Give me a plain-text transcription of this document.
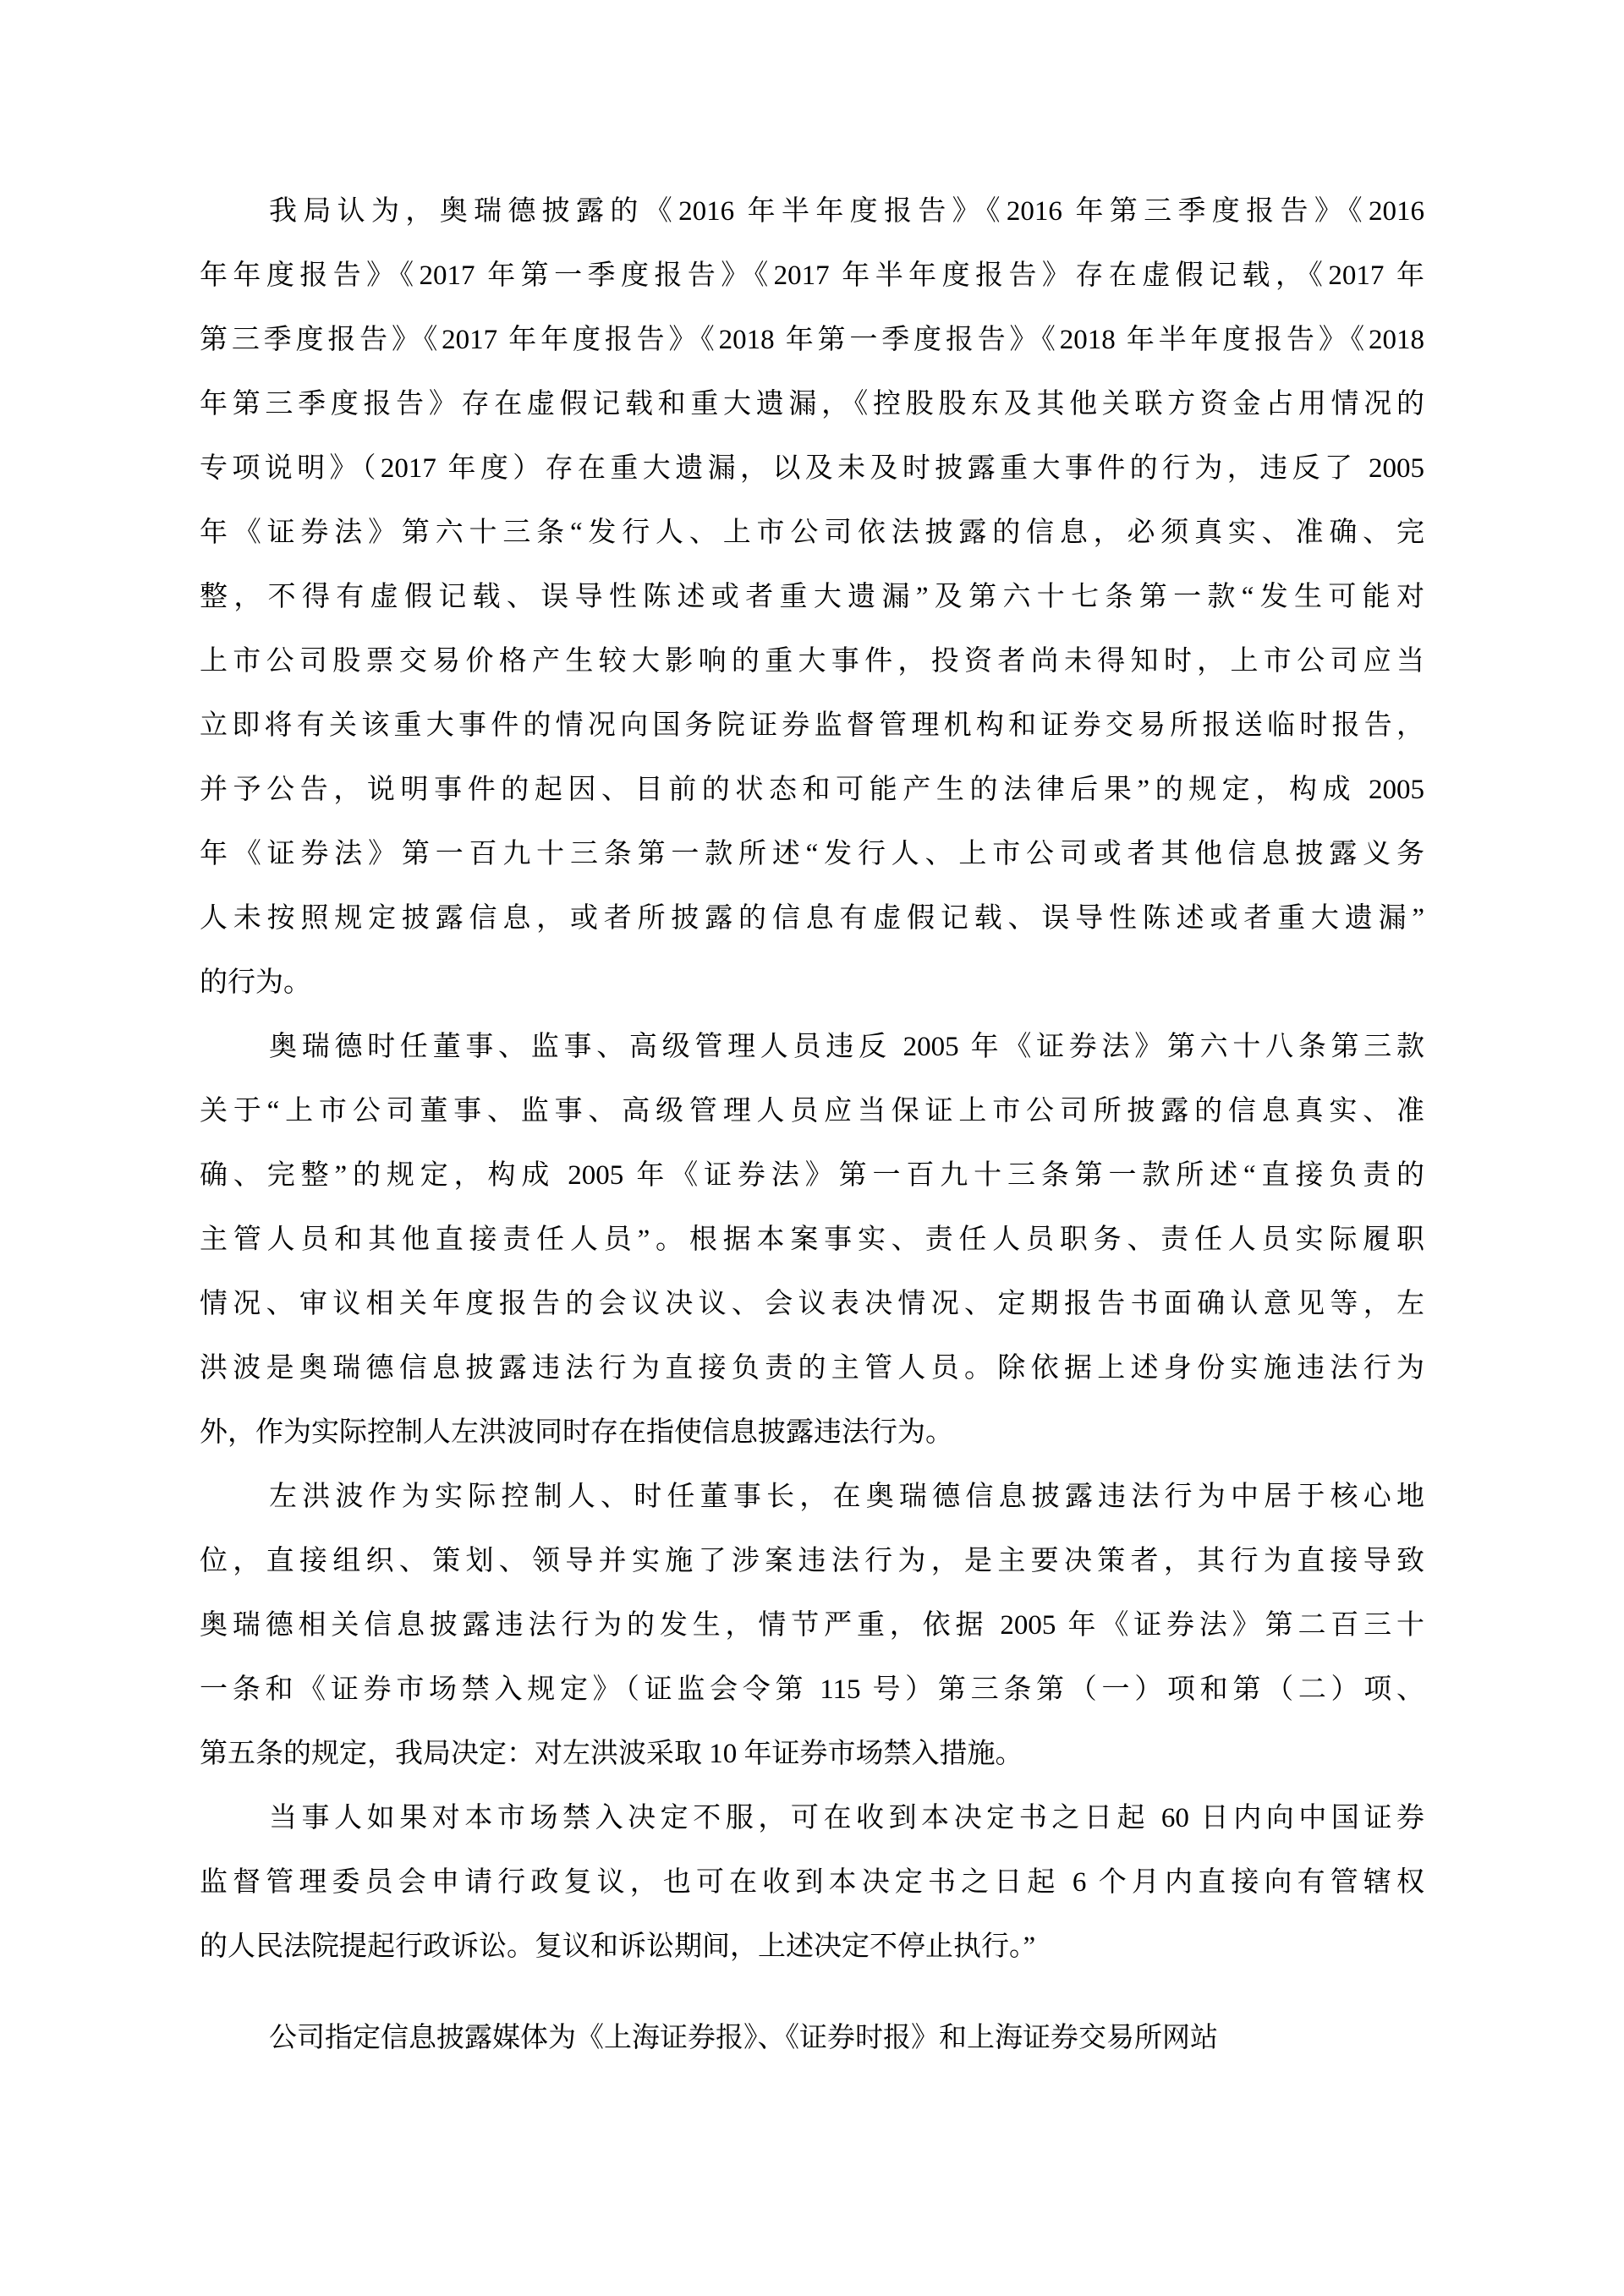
我局认为，奥瑞德披露的《2016 年半年度报告》《2016 年第三季度报告》《2016
年年度报告》《2017 年第一季度报告》《2017 年半年度报告》存在虚假记载，《2017 年
第三季度报告》《2017 年年度报告》《2018 年第一季度报告》《2018 年半年度报告》《2018
年第三季度报告》存在虚假记载和重大遗漏，《控股股东及其他关联方资金占用情况的
专项说明》（2017 年度）存在重大遗漏，以及未及时披露重大事件的行为，违反了 2005
年《证券法》第六十三条“发行人、上市公司依法披露的信息，必须真实、准确、完
整，不得有虚假记载、误导性陈述或者重大遗漏”及第六十七条第一款“发生可能对
上市公司股票交易价格产生较大影响的重大事件，投资者尚未得知时，上市公司应当
立即将有关该重大事件的情况向国务院证券监督管理机构和证券交易所报送临时报告，
并予公告，说明事件的起因、目前的状态和可能产生的法律后果”的规定，构成 2005
年《证券法》第一百九十三条第一款所述“发行人、上市公司或者其他信息披露义务
人未按照规定披露信息，或者所披露的信息有虚假记载、误导性陈述或者重大遗漏”
的行为。
奥瑞德时任董事、监事、高级管理人员违反 2005 年《证券法》第六十八条第三款
关于“上市公司董事、监事、高级管理人员应当保证上市公司所披露的信息真实、准
确、完整”的规定，构成 2005 年《证券法》第一百九十三条第一款所述“直接负责的
主管人员和其他直接责任人员”。根据本案事实、责任人员职务、责任人员实际履职
情况、审议相关年度报告的会议决议、会议表决情况、定期报告书面确认意见等，左
洪波是奥瑞德信息披露违法行为直接负责的主管人员。除依据上述身份实施违法行为
外，作为实际控制人左洪波同时存在指使信息披露违法行为。
左洪波作为实际控制人、时任董事长，在奥瑞德信息披露违法行为中居于核心地
位，直接组织、策划、领导并实施了涉案违法行为，是主要决策者，其行为直接导致
奥瑞德相关信息披露违法行为的发生，情节严重，依据 2005 年《证券法》第二百三十
一条和《证券市场禁入规定》（证监会令第 115 号）第三条第（一）项和第（二）项、
第五条的规定，我局决定：对左洪波采取 10 年证券市场禁入措施。
当事人如果对本市场禁入决定不服，可在收到本决定书之日起 60 日内向中国证券
监督管理委员会申请行政复议，也可在收到本决定书之日起 6 个月内直接向有管辖权
的人民法院提起行政诉讼。复议和诉讼期间，上述决定不停止执行。”
公司指定信息披露媒体为《上海证券报》、《证券时报》和上海证券交易所网站
